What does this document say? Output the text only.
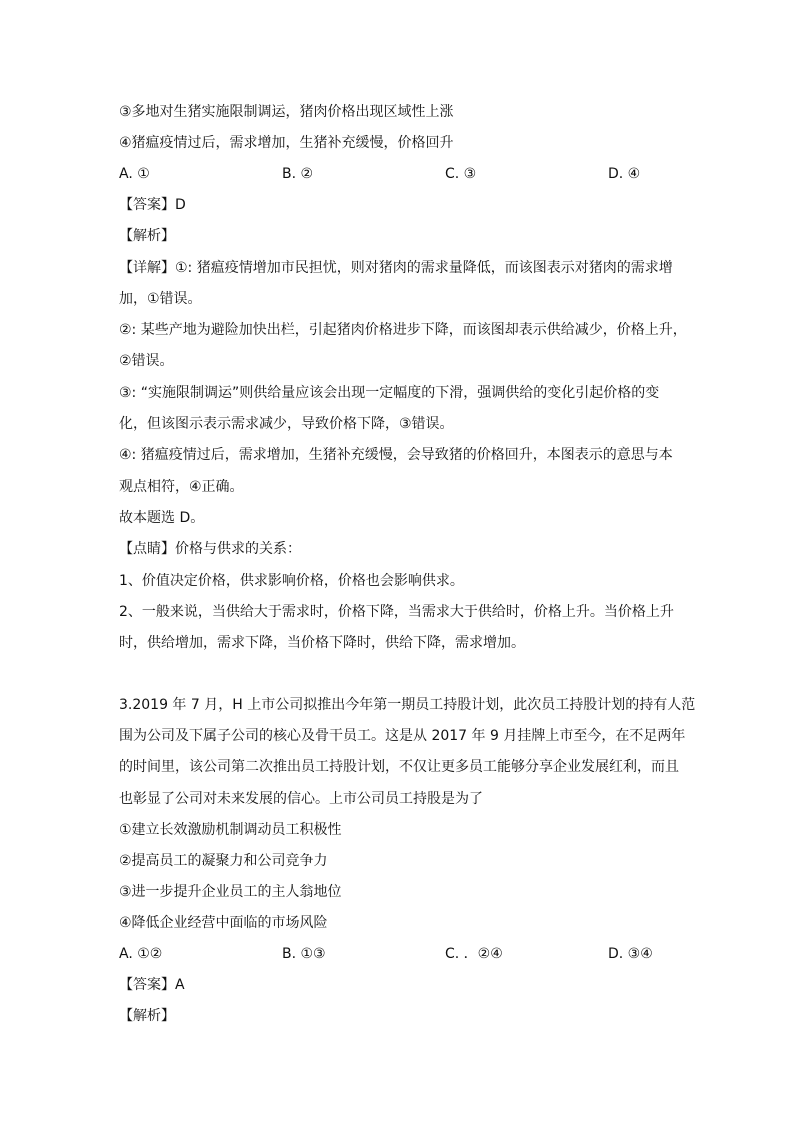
③多地对生猪实施限制调运，猪肉价格出现区域性上涨
④猪瘟疫情过后，需求增加，生猪补充缓慢，价格回升
A. ①	B. ②	C. ③	D. ④
【答案】D
【解析】
【详解】①: 猪瘟疫情增加市民担忧，则对猪肉的需求量降低，而该图表示对猪肉的需求增
加，①错误。
②: 某些产地为避险加快出栏，引起猪肉价格进步下降，而该图却表示供给减少，价格上升，
②错误。
③: “实施限制调运”则供给量应该会出现一定幅度的下滑，强调供给的变化引起价格的变
化，但该图示表示需求减少，导致价格下降，③错误。
④: 猪瘟疫情过后，需求增加，生猪补充缓慢，会导致猪的价格回升，本图表示的意思与本
观点相符，④正确。
故本题选 D。
【点睛】价格与供求的关系：
1、价值决定价格，供求影响价格，价格也会影响供求。
2、一般来说，当供给大于需求时，价格下降，当需求大于供给时，价格上升。当价格上升
时，供给增加，需求下降，当价格下降时，供给下降，需求增加。
3.2019 年 7 月，H 上市公司拟推出今年第一期员工持股计划，此次员工持股计划的持有人范
围为公司及下属子公司的核心及骨干员工。这是从 2017 年 9 月挂牌上市至今，在不足两年
的时间里，该公司第二次推出员工持股计划，不仅让更多员工能够分享企业发展红利，而且
也彰显了公司对未来发展的信心。上市公司员工持股是为了
①建立长效激励机制调动员工积极性
②提高员工的凝聚力和公司竞争力
③进一步提升企业员工的主人翁地位
④降低企业经营中面临的市场风险
A. ①②	B. ①③	C. ．②④	D. ③④
【答案】A
【解析】
